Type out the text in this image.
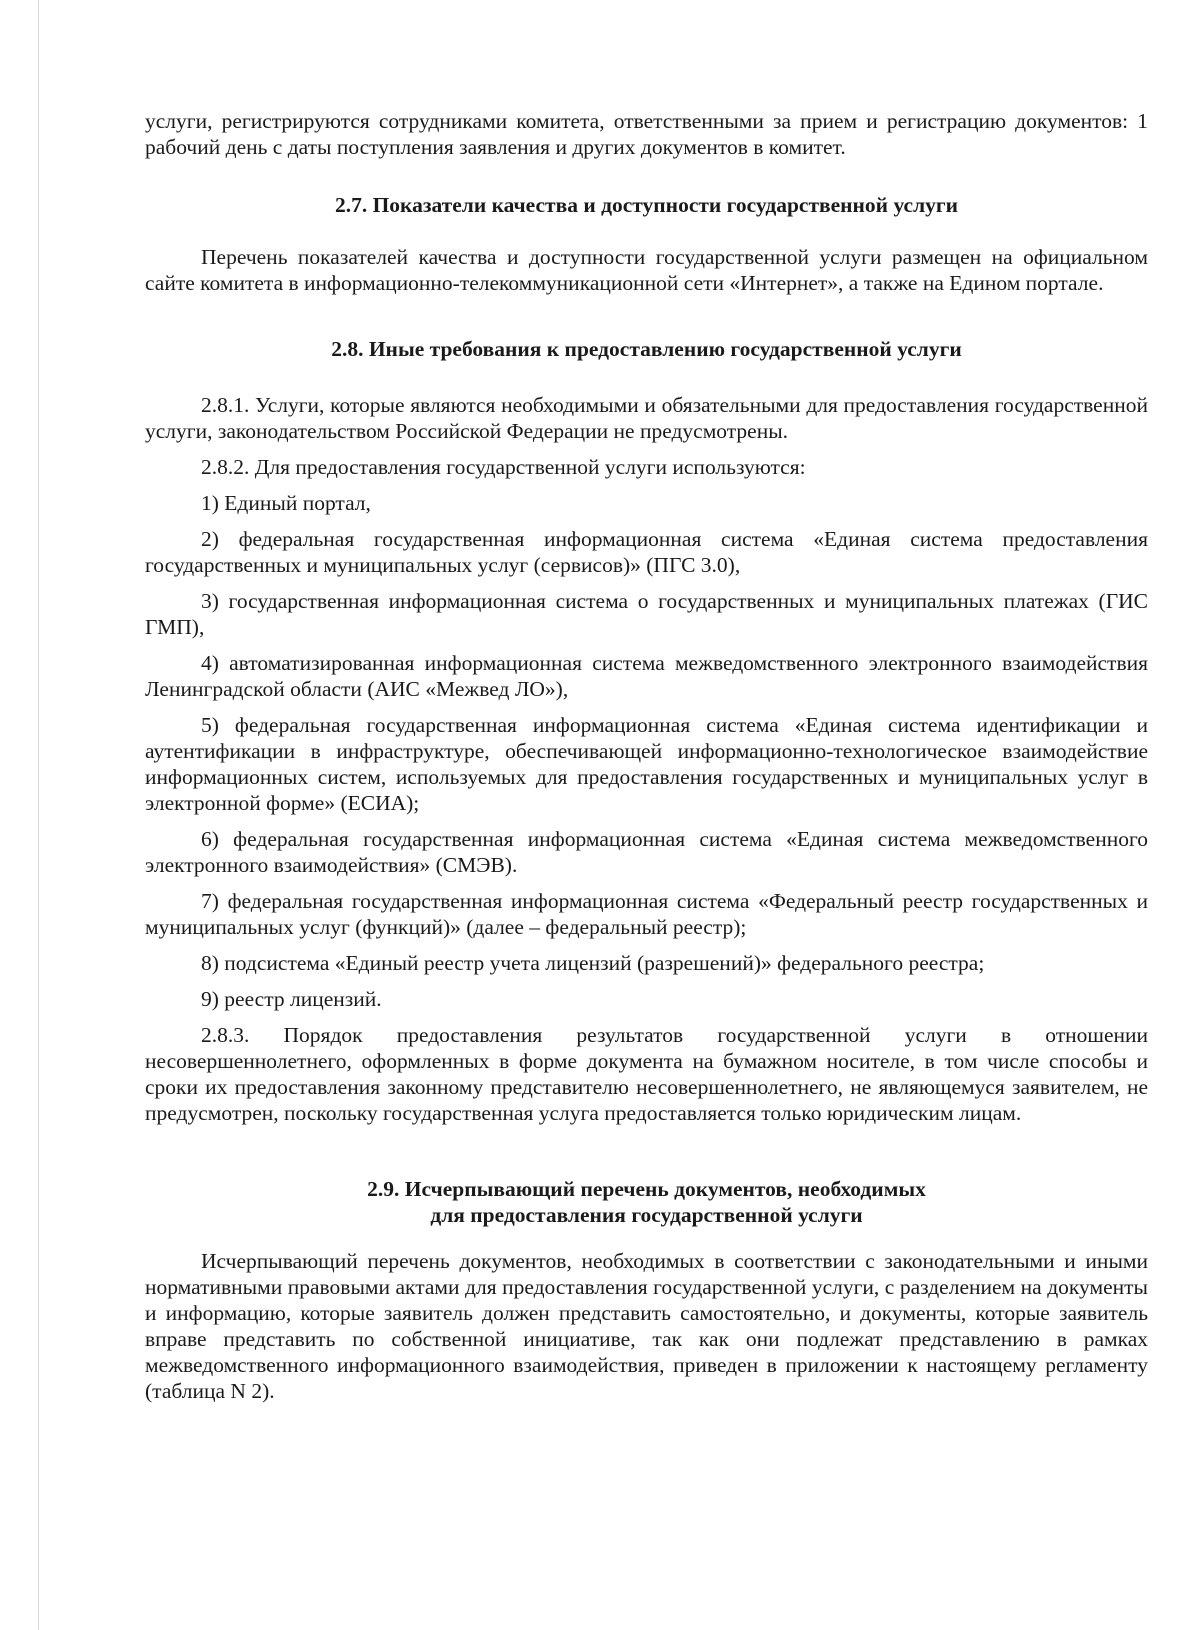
услуги, регистрируются сотрудниками комитета, ответственными за прием и регистрацию документов: 1 рабочий день с даты поступления заявления и других документов в комитет.

2.7. Показатели качества и доступности государственной услуги

Перечень показателей качества и доступности государственной услуги размещен на официальном сайте комитета в информационно-телекоммуникационной сети «Интернет», а также на Едином портале.

2.8. Иные требования к предоставлению государственной услуги

2.8.1. Услуги, которые являются необходимыми и обязательными для предоставления государственной услуги, законодательством Российской Федерации не предусмотрены.

2.8.2. Для предоставления государственной услуги используются:

1) Единый портал,

2) федеральная государственная информационная система «Единая система предоставления государственных и муниципальных услуг (сервисов)» (ПГС 3.0),

3) государственная информационная система о государственных и муниципальных платежах (ГИС ГМП),

4) автоматизированная информационная система межведомственного электронного взаимодействия Ленинградской области (АИС «Межвед ЛО»),

5) федеральная государственная информационная система «Единая система идентификации и аутентификации в инфраструктуре, обеспечивающей информационно-технологическое взаимодействие информационных систем, используемых для предоставления государственных и муниципальных услуг в электронной форме» (ЕСИА);

6) федеральная государственная информационная система «Единая система межведомственного электронного взаимодействия» (СМЭВ).

7) федеральная государственная информационная система «Федеральный реестр государственных и муниципальных услуг (функций)» (далее – федеральный реестр);

8) подсистема «Единый реестр учета лицензий (разрешений)» федерального реестра;

9) реестр лицензий.

2.8.3. Порядок предоставления результатов государственной услуги в отношении несовершеннолетнего, оформленных в форме документа на бумажном носителе, в том числе способы и сроки их предоставления законному представителю несовершеннолетнего, не являющемуся заявителем, не предусмотрен, поскольку государственная услуга предоставляется только юридическим лицам.

2.9. Исчерпывающий перечень документов, необходимых
для предоставления государственной услуги

Исчерпывающий перечень документов, необходимых в соответствии с законодательными и иными нормативными правовыми актами для предоставления государственной услуги, с разделением на документы и информацию, которые заявитель должен представить самостоятельно, и документы, которые заявитель вправе представить по собственной инициативе, так как они подлежат представлению в рамках межведомственного информационного взаимодействия, приведен в приложении к настоящему регламенту (таблица N 2).
